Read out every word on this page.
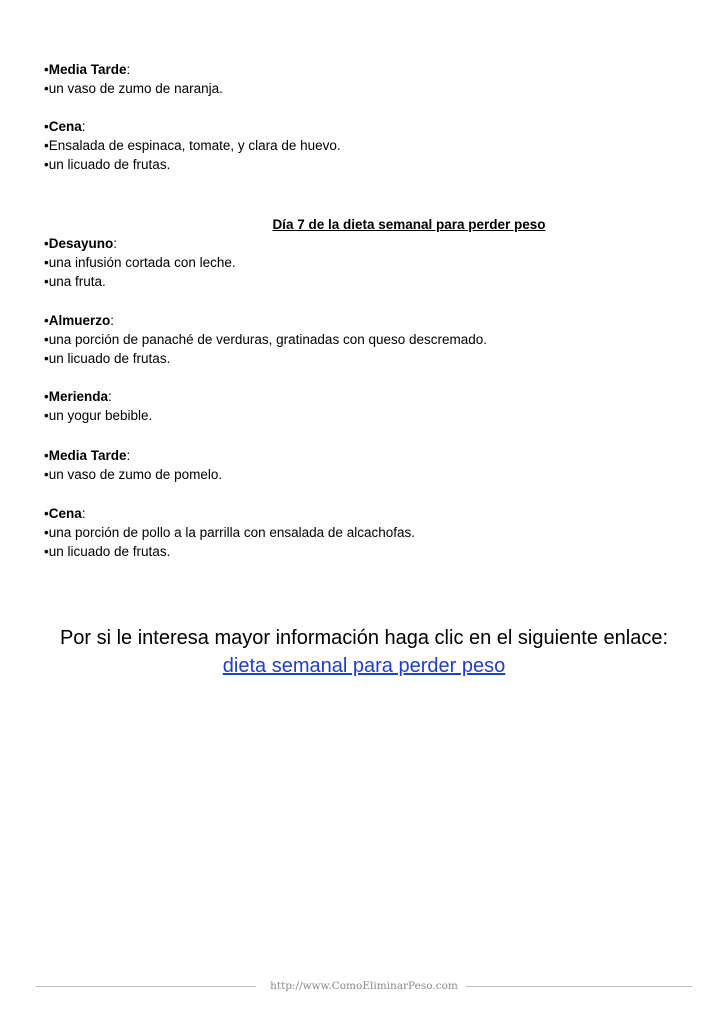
•Media Tarde:
•un vaso de zumo de naranja.
•Cena:
•Ensalada de espinaca, tomate, y clara de huevo.
•un licuado de frutas.
Día 7 de la dieta semanal para perder peso
•Desayuno:
•una infusión cortada con leche.
•una fruta.
•Almuerzo:
•una porción de panaché de verduras, gratinadas con queso descremado.
•un licuado de frutas.
•Merienda:
•un yogur bebible.
•Media Tarde:
•un vaso de zumo de pomelo.
•Cena:
•una porción de pollo a la parrilla con ensalada de alcachofas.
•un licuado de frutas.
Por si le interesa mayor información haga clic en el siguiente enlace:
dieta semanal para perder peso
http://www.ComoEliminarPeso.com
